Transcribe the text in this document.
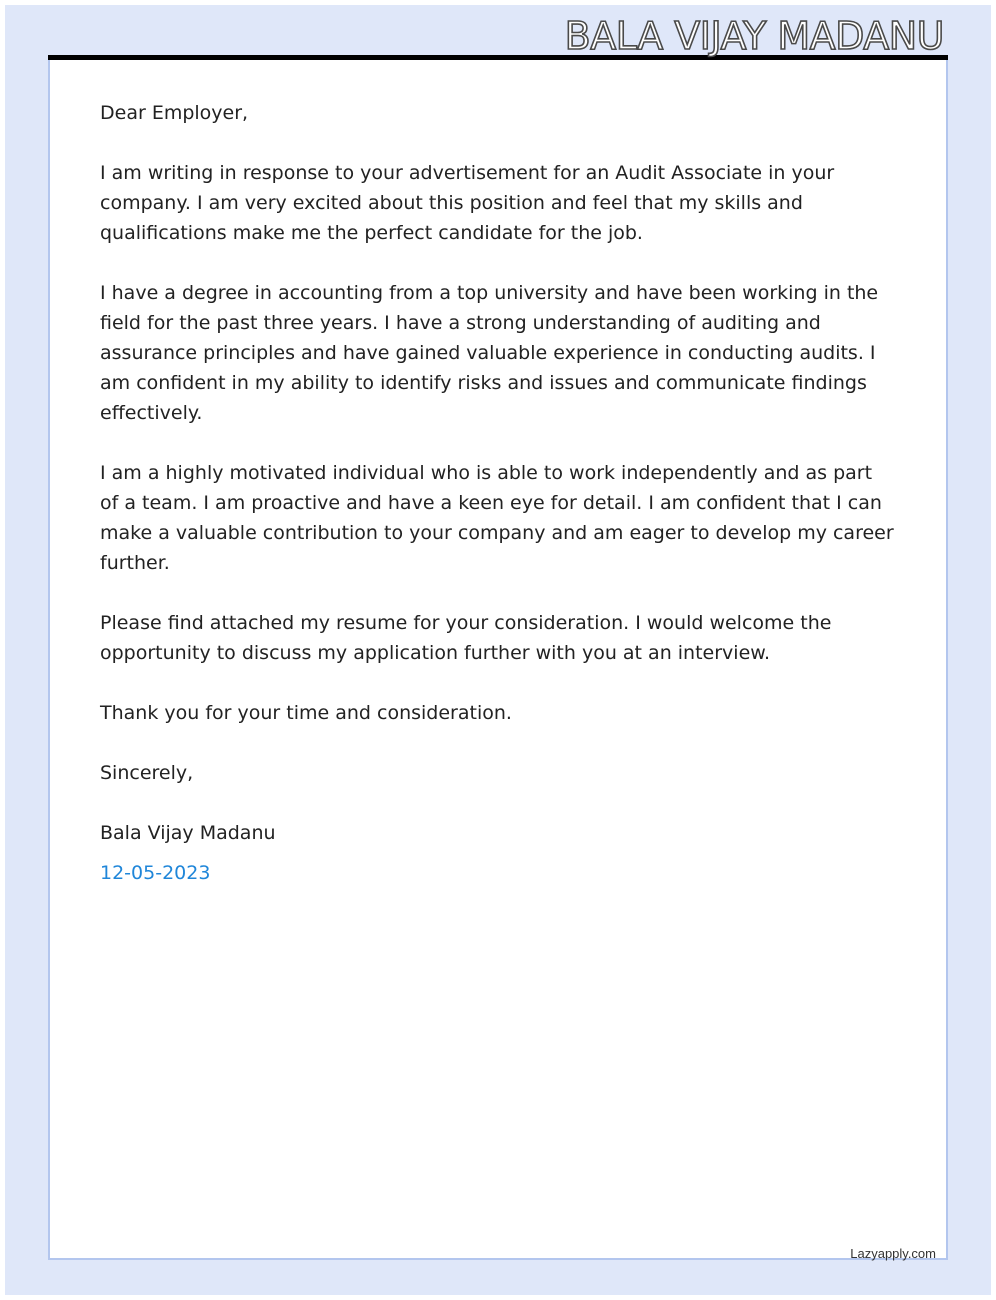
BALA VIJAY MADANU

Dear Employer,

I am writing in response to your advertisement for an Audit Associate in your company. I am very excited about this position and feel that my skills and qualifications make me the perfect candidate for the job.

I have a degree in accounting from a top university and have been working in the field for the past three years. I have a strong understanding of auditing and assurance principles and have gained valuable experience in conducting audits. I am confident in my ability to identify risks and issues and communicate findings effectively.

I am a highly motivated individual who is able to work independently and as part of a team. I am proactive and have a keen eye for detail. I am confident that I can make a valuable contribution to your company and am eager to develop my career further.

Please find attached my resume for your consideration. I would welcome the opportunity to discuss my application further with you at an interview.

Thank you for your time and consideration.

Sincerely,

Bala Vijay Madanu

12-05-2023

Lazyapply.com
